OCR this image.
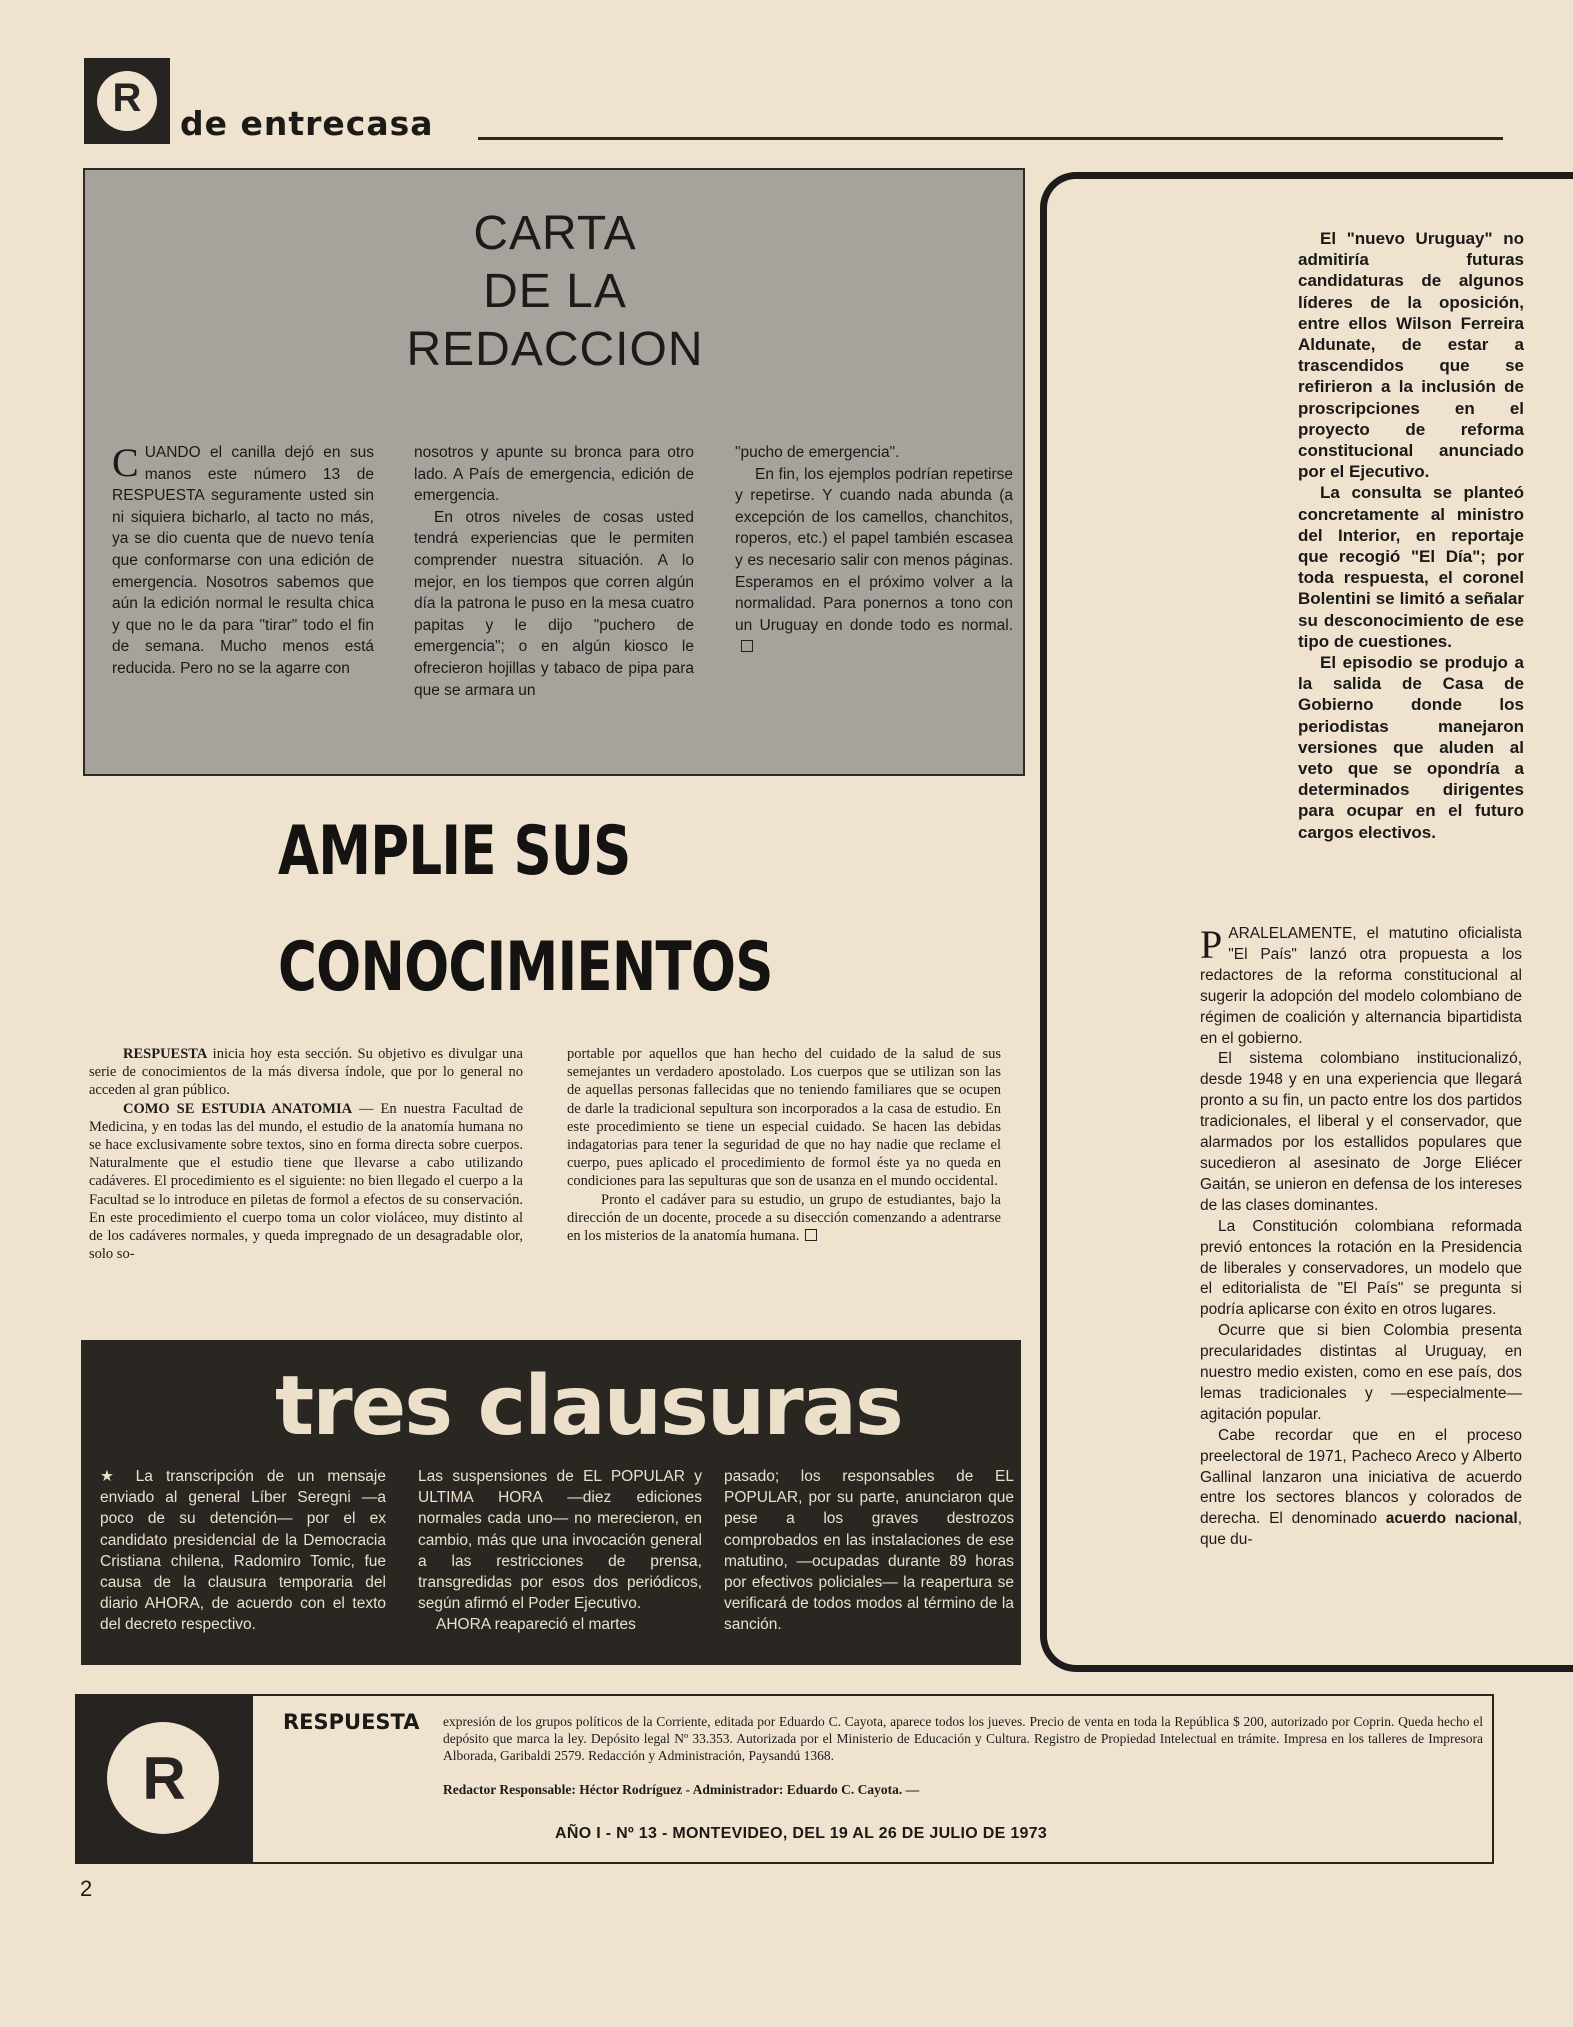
R
de entrecasa
CARTA
DE LA
REDACCION

CUANDO el canilla dejó en sus manos este número 13 de RESPUESTA seguramente usted sin ni siquiera bicharlo, al tacto no más, ya se dio cuenta que de nuevo tenía que conformarse con una edición de emergencia. Nosotros sabemos que aún la edición normal le resulta chica y que no le da para "tirar" todo el fin de semana. Mucho menos está reducida. Pero no se la agarre con

nosotros y apunte su bronca para otro lado. A País de emergencia, edición de emergencia.

En otros niveles de cosas usted tendrá experiencias que le permiten comprender nuestra situación. A lo mejor, en los tiempos que corren algún día la patrona le puso en la mesa cuatro papitas y le dijo "puchero de emergencia"; o en algún kiosco le ofrecieron hojillas y tabaco de pipa para que se armara un

"pucho de emergencia".

En fin, los ejemplos podrían repetirse y repetirse. Y cuando nada abunda (a excepción de los camellos, chanchitos, roperos, etc.) el papel también escasea y es necesario salir con menos páginas. Esperamos en el próximo volver a la normalidad. Para ponernos a tono con un Uruguay en donde todo es normal.

AMPLIE SUS
CONOCIMIENTOS

RESPUESTA inicia hoy esta sección. Su objetivo es divulgar una serie de conocimientos de la más diversa índole, que por lo general no acceden al gran público.

COMO SE ESTUDIA ANATOMIA — En nuestra Facultad de Medicina, y en todas las del mundo, el estudio de la anatomía humana no se hace exclusivamente sobre textos, sino en forma directa sobre cuerpos. Naturalmente que el estudio tiene que llevarse a cabo utilizando cadáveres. El procedimiento es el siguiente: no bien llegado el cuerpo a la Facultad se lo introduce en piletas de formol a efectos de su conservación. En este procedimiento el cuerpo toma un color violáceo, muy distinto al de los cadáveres normales, y queda impregnado de un desagradable olor, solo so-

portable por aquellos que han hecho del cuidado de la salud de sus semejantes un verdadero apostolado. Los cuerpos que se utilizan son las de aquellas personas fallecidas que no teniendo familiares que se ocupen de darle la tradicional sepultura son incorporados a la casa de estudio. En este procedimiento se tiene un especial cuidado. Se hacen las debidas indagatorias para tener la seguridad de que no hay nadie que reclame el cuerpo, pues aplicado el procedimiento de formol éste ya no queda en condiciones para las sepulturas que son de usanza en el mundo occidental.

Pronto el cadáver para su estudio, un grupo de estudiantes, bajo la dirección de un docente, procede a su disección comenzando a adentrarse en los misterios de la anatomía humana.

tres clausuras

★ La transcripción de un mensaje enviado al general Líber Seregni —a poco de su detención— por el ex candidato presidencial de la Democracia Cristiana chilena, Radomiro Tomic, fue causa de la clausura temporaria del diario AHORA, de acuerdo con el texto del decreto respectivo.

Las suspensiones de EL POPULAR y ULTIMA HORA —diez ediciones normales cada uno— no merecieron, en cambio, más que una invocación general a las restricciones de prensa, transgredidas por esos dos periódicos, según afirmó el Poder Ejecutivo.

AHORA reapareció el martes

pasado; los responsables de EL POPULAR, por su parte, anunciaron que pese a los graves destrozos comprobados en las instalaciones de ese matutino, —ocupadas durante 89 horas por efectivos policiales— la reapertura se verificará de todos modos al término de la sanción.

El "nuevo Uruguay" no admitiría futuras candidaturas de algunos líderes de la oposición, entre ellos Wilson Ferreira Aldunate, de estar a trascendidos que se refirieron a la inclusión de proscripciones en el proyecto de reforma constitucional anunciado por el Ejecutivo.

La consulta se planteó concretamente al ministro del Interior, en reportaje que recogió "El Día"; por toda respuesta, el coronel Bolentini se limitó a señalar su desconocimiento de ese tipo de cuestiones.

El episodio se produjo a la salida de Casa de Gobierno donde los periodistas manejaron versiones que aluden al veto que se opondría a determinados dirigentes para ocupar en el futuro cargos electivos.

PARALELAMENTE, el matutino oficialista "El País" lanzó otra propuesta a los redactores de la reforma constitucional al sugerir la adopción del modelo colombiano de régimen de coalición y alternancia bipartidista en el gobierno.

El sistema colombiano institucionalizó, desde 1948 y en una experiencia que llegará pronto a su fin, un pacto entre los dos partidos tradicionales, el liberal y el conservador, que alarmados por los estallidos populares que sucedieron al asesinato de Jorge Eliécer Gaitán, se unieron en defensa de los intereses de las clases dominantes.

La Constitución colombiana reformada previó entonces la rotación en la Presidencia de liberales y conservadores, un modelo que el editorialista de "El País" se pregunta si podría aplicarse con éxito en otros lugares.

Ocurre que si bien Colombia presenta precularidades distintas al Uruguay, en nuestro medio existen, como en ese país, dos lemas tradicionales y —especialmente— agitación popular.

Cabe recordar que en el proceso preelectoral de 1971, Pacheco Areco y Alberto Gallinal lanzaron una iniciativa de acuerdo entre los sectores blancos y colorados de derecha. El denominado acuerdo nacional, que du-

R
RESPUESTA expresión de los grupos políticos de la Corriente, editada por Eduardo C. Cayota, aparece todos los jueves. Precio de venta en toda la República $ 200, autorizado por Coprin. Queda hecho el depósito que marca la ley. Depósito legal Nº 33.353. Autorizada por el Ministerio de Educación y Cultura. Registro de Propiedad Intelectual en trámite. Impresa en los talleres de Impresora Alborada, Garibaldi 2579. Redacción y Administración, Paysandú 1368.
Redactor Responsable: Héctor Rodríguez - Administrador: Eduardo C. Cayota. —
AÑO I - Nº 13 - MONTEVIDEO, DEL 19 AL 26 DE JULIO DE 1973
2
